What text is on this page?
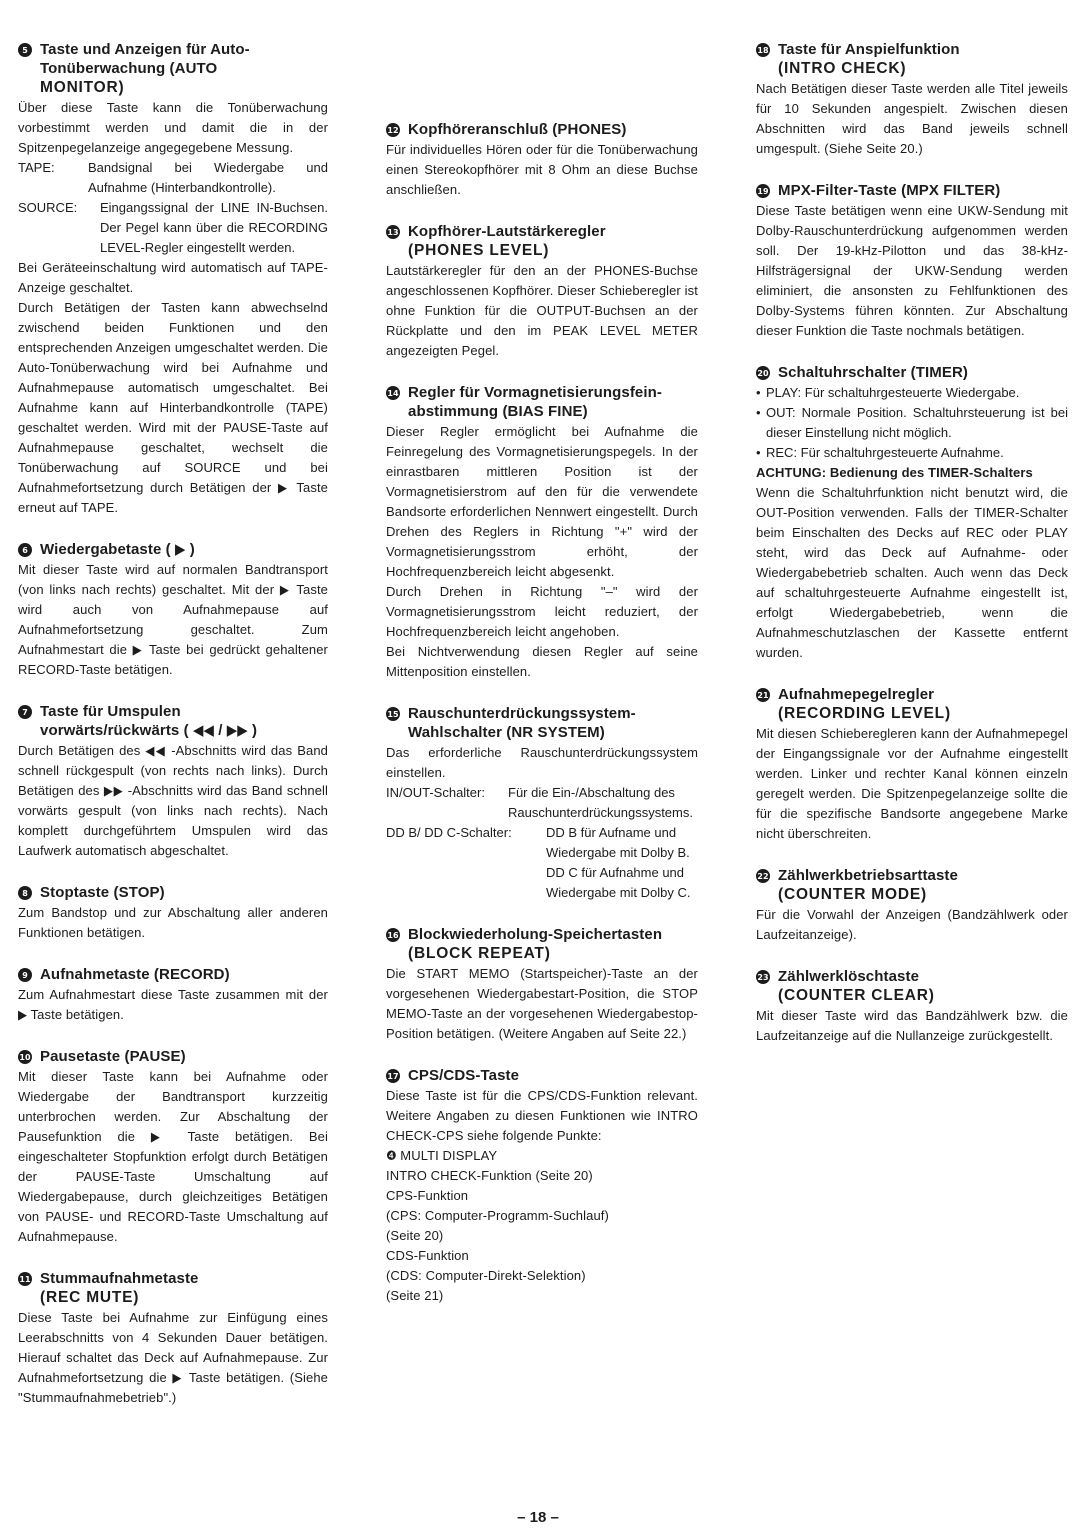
5 Taste und Anzeigen für Auto-
Tonüberwachung (AUTO
MONITOR)
Über diese Taste kann die Tonüberwachung vorbestimmt werden und damit die in der Spitzenpegelanzeige angegegebene Messung.
TAPE:	Bandsignal bei Wiedergabe und Aufnahme (Hinterbandkontrolle).
SOURCE:	Eingangssignal der LINE IN-Buchsen. Der Pegel kann über die RECORDING LEVEL-Regler eingestellt werden.
Bei Geräteeinschaltung wird automatisch auf TAPE-Anzeige geschaltet.
Durch Betätigen der Tasten kann abwechselnd zwischend beiden Funktionen und den entsprechenden Anzeigen umgeschaltet werden. Die Auto-Tonüberwachung wird bei Aufnahme und Aufnahmepause automatisch umgeschaltet. Bei Aufnahme kann auf Hinterbandkontrolle (TAPE) geschaltet werden. Wird mit der PAUSE-Taste auf Aufnahmepause geschaltet, wechselt die Tonüberwachung auf SOURCE und bei Aufnahmefortsetzung durch Betätigen der ▶ Taste erneut auf TAPE.
6 Wiedergabetaste ( ▶ )
Mit dieser Taste wird auf normalen Bandtransport (von links nach rechts) geschaltet. Mit der ▶ Taste wird auch von Aufnahmepause auf Aufnahmefortsetzung geschaltet. Zum Aufnahmestart die ▶ Taste bei gedrückt gehaltener RECORD-Taste betätigen.
7 Taste für Umspulen
vorwärts/rückwärts ( ◀◀ / ▶▶ )
Durch Betätigen des ◀◀ -Abschnitts wird das Band schnell rückgespult (von rechts nach links). Durch Betätigen des ▶▶ -Abschnitts wird das Band schnell vorwärts gespult (von links nach rechts). Nach komplett durchgeführtem Umspulen wird das Laufwerk automatisch abgeschaltet.
8 Stoptaste (STOP)
Zum Bandstop und zur Abschaltung aller anderen Funktionen betätigen.
9 Aufnahmetaste (RECORD)
Zum Aufnahmestart diese Taste zusammen mit der ▶ Taste betätigen.
10 Pausetaste (PAUSE)
Mit dieser Taste kann bei Aufnahme oder Wiedergabe der Bandtransport kurzzeitig unterbrochen werden. Zur Abschaltung der Pausefunktion die ▶ Taste betätigen. Bei eingeschalteter Stopfunktion erfolgt durch Betätigen der PAUSE-Taste Umschaltung auf Wiedergabepause, durch gleichzeitiges Betätigen von PAUSE- und RECORD-Taste Umschaltung auf Aufnahmepause.
11 Stummaufnahmetaste
(REC MUTE)
Diese Taste bei Aufnahme zur Einfügung eines Leerabschnitts von 4 Sekunden Dauer betätigen. Hierauf schaltet das Deck auf Aufnahmepause. Zur Aufnahmefortsetzung die ▶ Taste betätigen. (Siehe "Stummaufnahmebetrieb".)
12 Kopfhöreranschluß (PHONES)
Für individuelles Hören oder für die Tonüberwachung einen Stereokopfhörer mit 8 Ohm an diese Buchse anschließen.
13 Kopfhörer-Lautstärkeregler
(PHONES LEVEL)
Lautstärkeregler für den an der PHONES-Buchse angeschlossenen Kopfhörer. Dieser Schieberegler ist ohne Funktion für die OUTPUT-Buchsen an der Rückplatte und den im PEAK LEVEL METER angezeigten Pegel.
14 Regler für Vormagnetisierungsfein-
abstimmung (BIAS FINE)
Dieser Regler ermöglicht bei Aufnahme die Feinregelung des Vormagnetisierungspegels. In der einrastbaren mittleren Position ist der Vormagnetisierstrom auf den für die verwendete Bandsorte erforderlichen Nennwert eingestellt. Durch Drehen des Reglers in Richtung "+" wird der Vormagnetisierungsstrom erhöht, der Hochfrequenzbereich leicht abgesenkt.
Durch Drehen in Richtung "–" wird der Vormagnetisierungsstrom leicht reduziert, der Hochfrequenzbereich leicht angehoben.
Bei Nichtverwendung diesen Regler auf seine Mittenposition einstellen.
15 Rauschunterdrückungssystem-
Wahlschalter (NR SYSTEM)
Das erforderliche Rauschunterdrückungssystem einstellen.
IN/OUT-Schalter:	Für die Ein-/Abschaltung des Rauschunterdrückungssystems.
DD B/ DD C-Schalter:	DD B für Aufname und Wiedergabe mit Dolby B. DD C für Aufnahme und Wiedergabe mit Dolby C.
16 Blockwiederholung-Speichertasten
(BLOCK REPEAT)
Die START MEMO (Startspeicher)-Taste an der vorgesehenen Wiedergabestart-Position, die STOP MEMO-Taste an der vorgesehenen Wiedergabestop-Position betätigen. (Weitere Angaben auf Seite 22.)
17 CPS/CDS-Taste
Diese Taste ist für die CPS/CDS-Funktion relevant. Weitere Angaben zu diesen Funktionen wie INTRO CHECK-CPS siehe folgende Punkte:
❹ MULTI DISPLAY
INTRO CHECK-Funktion (Seite 20)
CPS-Funktion
(CPS: Computer-Programm-Suchlauf)
(Seite 20)
CDS-Funktion
(CDS: Computer-Direkt-Selektion)
(Seite 21)
18 Taste für Anspielfunktion
(INTRO CHECK)
Nach Betätigen dieser Taste werden alle Titel jeweils für 10 Sekunden angespielt. Zwischen diesen Abschnitten wird das Band jeweils schnell umgespult. (Siehe Seite 20.)
19 MPX-Filter-Taste (MPX FILTER)
Diese Taste betätigen wenn eine UKW-Sendung mit Dolby-Rauschunterdrückung aufgenommen werden soll. Der 19-kHz-Pilotton und das 38-kHz-Hilfsträgersignal der UKW-Sendung werden eliminiert, die ansonsten zu Fehlfunktionen des Dolby-Systems führen könnten. Zur Abschaltung dieser Funktion die Taste nochmals betätigen.
20 Schaltuhrschalter (TIMER)
• PLAY: Für schaltuhrgesteuerte Wiedergabe.
• OUT: Normale Position. Schaltuhrsteuerung ist bei dieser Einstellung nicht möglich.
• REC: Für schaltuhrgesteuerte Aufnahme.
ACHTUNG: Bedienung des TIMER-Schalters
Wenn die Schaltuhrfunktion nicht benutzt wird, die OUT-Position verwenden. Falls der TIMER-Schalter beim Einschalten des Decks auf REC oder PLAY steht, wird das Deck auf Aufnahme- oder Wiedergabebetrieb schalten. Auch wenn das Deck auf schaltuhrgesteuerte Aufnahme eingestellt ist, erfolgt Wiedergabebetrieb, wenn die Aufnahmeschutzlaschen der Kassette entfernt wurden.
21 Aufnahmepegelregler
(RECORDING LEVEL)
Mit diesen Schieberegleren kann der Aufnahmepegel der Eingangssignale vor der Aufnahme eingestellt werden. Linker und rechter Kanal können einzeln geregelt werden. Die Spitzenpegelanzeige sollte die für die spezifische Bandsorte angegebene Marke nicht überschreiten.
22 Zählwerkbetriebsarttaste
(COUNTER MODE)
Für die Vorwahl der Anzeigen (Bandzählwerk oder Laufzeitanzeige).
23 Zählwerklöschtaste
(COUNTER CLEAR)
Mit dieser Taste wird das Bandzählwerk bzw. die Laufzeitanzeige auf die Nullanzeige zurückgestellt.
– 18 –
